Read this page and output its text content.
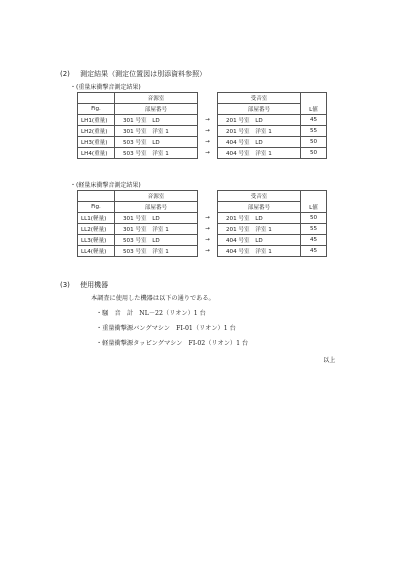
(2) 測定結果（測定位置図は別添資料参照）
・(重量床衝撃音測定結果)
	音源室		受音室	
Fig.	部屋番号		部屋番号	L値
LH1(重量)	301 号室　LD	→	201 号室　LD	45
LH2(重量)	301 号室　洋室 1	→	201 号室　洋室 1	55
LH3(重量)	503 号室　LD	→	404 号室　LD	50
LH4(重量)	503 号室　洋室 1	→	404 号室　洋室 1	50
・(軽量床衝撃音測定結果)
	音源室		受音室	
Fig.	部屋番号		部屋番号	L値
LL1(軽量)	301 号室　LD	→	201 号室　LD	50
LL2(軽量)	301 号室　洋室 1	→	201 号室　洋室 1	55
LL3(軽量)	503 号室　LD	→	404 号室　LD	45
LL4(軽量)	503 号室　洋室 1	→	404 号室　洋室 1	45
(3) 使用機器
本調査に使用した機器は以下の通りである。
・騒　音　計　NL－22（リオン）1 台
・重量衝撃源バングマシン　FI-01（リオン）1 台
・軽量衝撃源タッピングマシン　FI-02（リオン）1 台
以上
